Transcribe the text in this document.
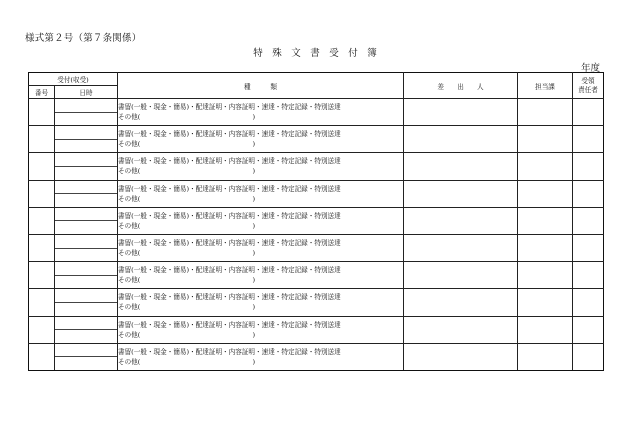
様式第２号（第７条関係）
特　殊　文　書　受　付　簿
年度
受付(収受)		種　　　類	差　　出　　人	担当課	受領
責任者

番号	日時				

		書留(一般・現金・簡易)・配達証明・内容証明・速達・特定記録・特別送達
その他(　　　　　　　　　　　　　　　　　)			

		書留(一般・現金・簡易)・配達証明・内容証明・速達・特定記録・特別送達
その他(　　　　　　　　　　　　　　　　　)			

		書留(一般・現金・簡易)・配達証明・内容証明・速達・特定記録・特別送達
その他(　　　　　　　　　　　　　　　　　)			

		書留(一般・現金・簡易)・配達証明・内容証明・速達・特定記録・特別送達
その他(　　　　　　　　　　　　　　　　　)			

		書留(一般・現金・簡易)・配達証明・内容証明・速達・特定記録・特別送達
その他(　　　　　　　　　　　　　　　　　)			

		書留(一般・現金・簡易)・配達証明・内容証明・速達・特定記録・特別送達
その他(　　　　　　　　　　　　　　　　　)			

		書留(一般・現金・簡易)・配達証明・内容証明・速達・特定記録・特別送達
その他(　　　　　　　　　　　　　　　　　)			

		書留(一般・現金・簡易)・配達証明・内容証明・速達・特定記録・特別送達
その他(　　　　　　　　　　　　　　　　　)			

		書留(一般・現金・簡易)・配達証明・内容証明・速達・特定記録・特別送達
その他(　　　　　　　　　　　　　　　　　)			

		書留(一般・現金・簡易)・配達証明・内容証明・速達・特定記録・特別送達
その他(　　　　　　　　　　　　　　　　　)			
